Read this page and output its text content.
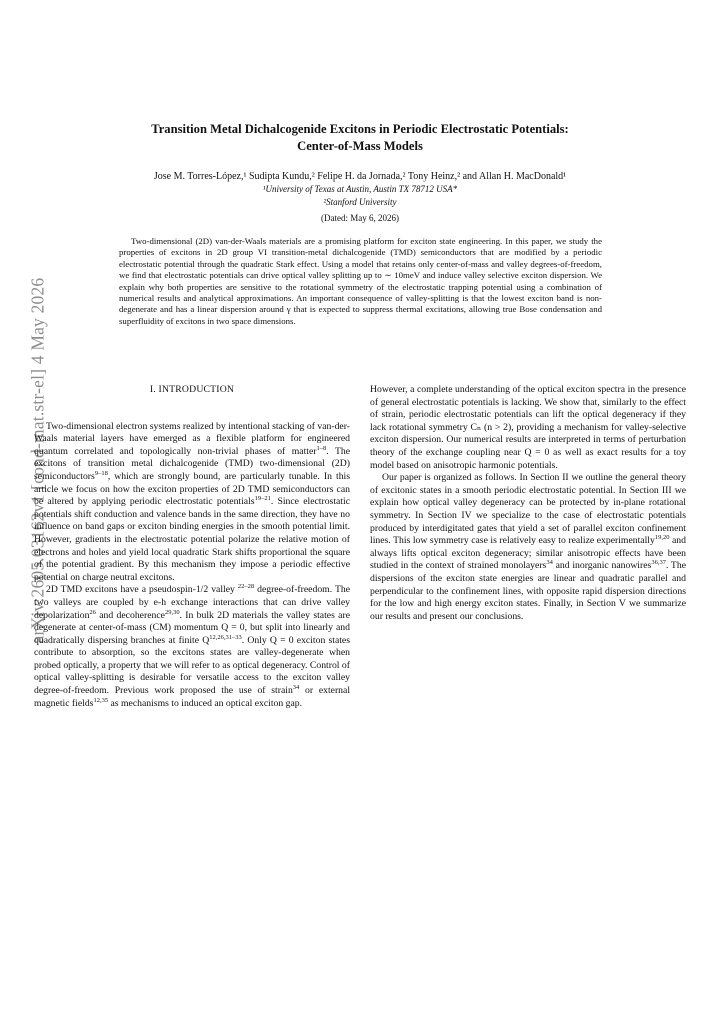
arXiv:2605.03162v1 [cond-mat.str-el] 4 May 2026
Transition Metal Dichalcogenide Excitons in Periodic Electrostatic Potentials:
Center-of-Mass Models
Jose M. Torres-López,¹ Sudipta Kundu,² Felipe H. da Jornada,² Tony Heinz,² and Allan H. MacDonald¹
¹University of Texas at Austin, Austin TX 78712 USA*
²Stanford University
(Dated: May 6, 2026)

Two-dimensional (2D) van-der-Waals materials are a promising platform for exciton state engineering. In this paper, we study the properties of excitons in 2D group VI transition-metal dichalcogenide (TMD) semiconductors that are modified by a periodic electrostatic potential through the quadratic Stark effect. Using a model that retains only center-of-mass and valley degrees-of-freedom, we find that electrostatic potentials can drive optical valley splitting up to ∼ 10meV and induce valley selective exciton dispersion. We explain why both properties are sensitive to the rotational symmetry of the electrostatic trapping potential using a combination of numerical results and analytical approximations. An important consequence of valley-splitting is that the lowest exciton band is non-degenerate and has a linear dispersion around γ that is expected to suppress thermal excitations, allowing true Bose condensation and superfluidity of excitons in two space dimensions.

I. INTRODUCTION

Two-dimensional electron systems realized by intentional stacking of van-der-Waals material layers have emerged as a flexible platform for engineered quantum correlated and topologically non-trivial phases of matter$^{1-8}$. The excitons of transition metal dichalcogenide (TMD) two-dimensional (2D) semiconductors$^{9-18}$, which are strongly bound, are particularly tunable. In this article we focus on how the exciton properties of 2D TMD semiconductors can be altered by applying periodic electrostatic potentials$^{19-21}$. Since electrostatic potentials shift conduction and valence bands in the same direction, they have no influence on band gaps or exciton binding energies in the smooth potential limit. However, gradients in the electrostatic potential polarize the relative motion of electrons and holes and yield local quadratic Stark shifts proportional the square of the potential gradient. By this mechanism they impose a periodic effective potential on charge neutral excitons.

2D TMD excitons have a pseudospin-1/2 valley $^{22-28}$ degree-of-freedom. The two valleys are coupled by e-h exchange interactions that can drive valley depolarization$^{26}$ and decoherence$^{29,30}$. In bulk 2D materials the valley states are degenerate at center-of-mass (CM) momentum Q = 0, but split into linearly and quadratically dispersing branches at finite Q$^{12,26,31-33}$. Only Q = 0 exciton states contribute to absorption, so the excitons states are valley-degenerate when probed optically, a property that we will refer to as optical degeneracy. Control of optical valley-splitting is desirable for versatile access to the exciton valley degree-of-freedom. Previous work proposed the use of strain$^{34}$ or external magnetic fields$^{12,35}$ as mechanisms to induced an optical exciton gap.

However, a complete understanding of the optical exciton spectra in the presence of general electrostatic potentials is lacking. We show that, similarly to the effect of strain, periodic electrostatic potentials can lift the optical degeneracy if they lack rotational symmetry Cₙ (n > 2), providing a mechanism for valley-selective exciton dispersion. Our numerical results are interpreted in terms of perturbation theory of the exchange coupling near Q = 0 as well as exact results for a toy model based on anisotropic harmonic potentials.

Our paper is organized as follows. In Section II we outline the general theory of excitonic states in a smooth periodic electrostatic potential. In Section III we explain how optical valley degeneracy can be protected by in-plane rotational symmetry. In Section IV we specialize to the case of electrostatic potentials produced by interdigitated gates that yield a set of parallel exciton confinement lines. This low symmetry case is relatively easy to realize experimentally$^{19,20}$ and always lifts optical exciton degeneracy; similar anisotropic effects have been studied in the context of strained monolayers$^{34}$ and inorganic nanowires$^{36,37}$. The dispersions of the exciton state energies are linear and quadratic parallel and perpendicular to the confinement lines, with opposite rapid dispersion directions for the low and high energy exciton states. Finally, in Section V we summarize our results and present our conclusions.
